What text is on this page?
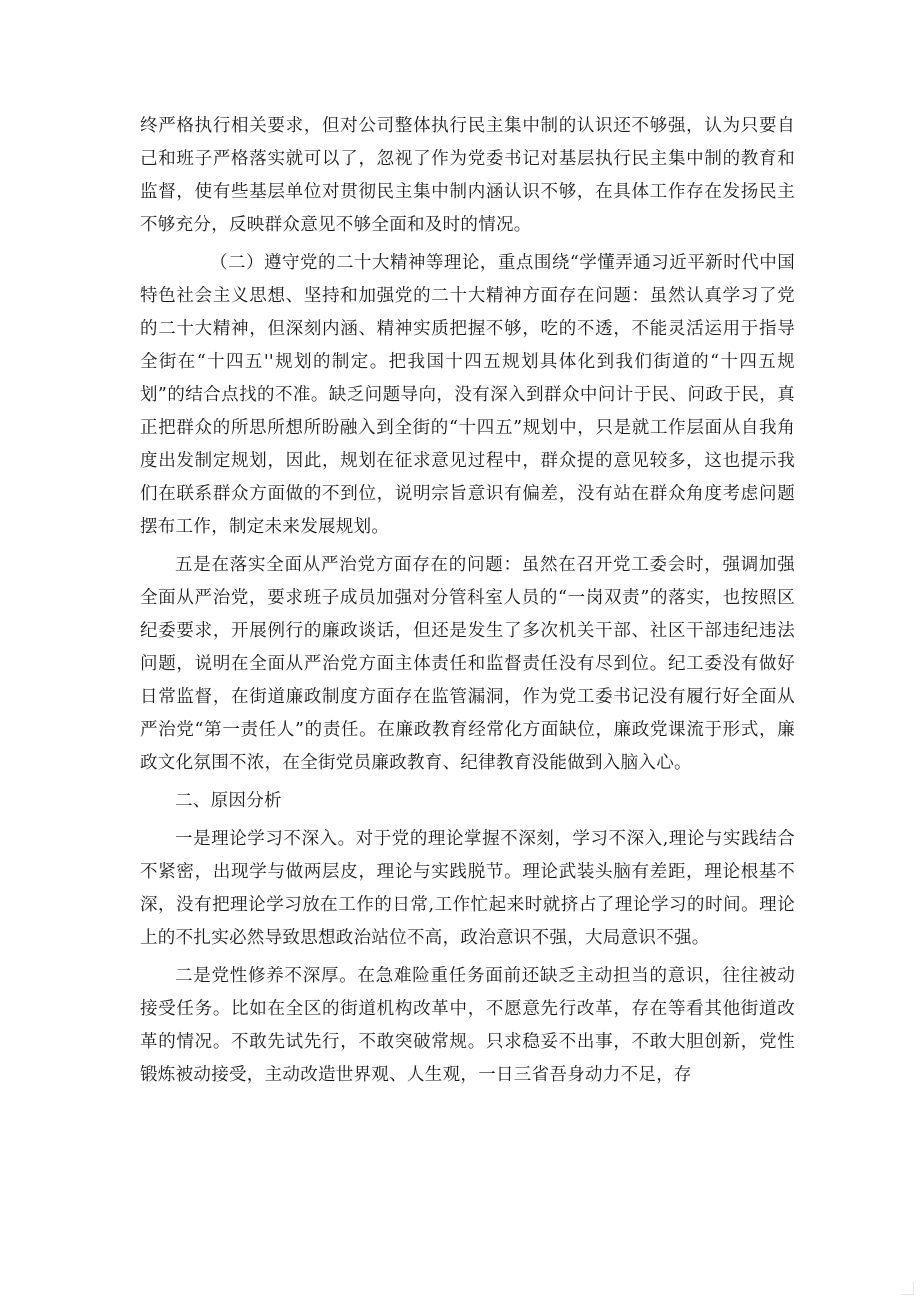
终严格执行相关要求，但对公司整体执行民主集中制的认识还不够强，认为只要自己和班子严格落实就可以了，忽视了作为党委书记对基层执行民主集中制的教育和监督，使有些基层单位对贯彻民主集中制内涵认识不够，在具体工作存在发扬民主不够充分，反映群众意见不够全面和及时的情况。

（二）遵守党的二十大精神等理论，重点围绕“学懂弄通习近平新时代中国特色社会主义思想、坚持和加强党的二十大精神方面存在问题：虽然认真学习了党的二十大精神，但深刻内涵、精神实质把握不够，吃的不透，不能灵活运用于指导全街在“十四五''规划的制定。把我国十四五规划具体化到我们街道的“十四五规划”的结合点找的不准。缺乏问题导向，没有深入到群众中问计于民、问政于民，真正把群众的所思所想所盼融入到全街的“十四五”规划中，只是就工作层面从自我角度出发制定规划，因此，规划在征求意见过程中，群众提的意见较多，这也提示我们在联系群众方面做的不到位，说明宗旨意识有偏差，没有站在群众角度考虑问题摆布工作，制定未来发展规划。

五是在落实全面从严治党方面存在的问题：虽然在召开党工委会时，强调加强全面从严治党，要求班子成员加强对分管科室人员的“一岗双责”的落实，也按照区纪委要求，开展例行的廉政谈话，但还是发生了多次机关干部、社区干部违纪违法问题，说明在全面从严治党方面主体责任和监督责任没有尽到位。纪工委没有做好日常监督，在街道廉政制度方面存在监管漏洞，作为党工委书记没有履行好全面从严治党“第一责任人”的责任。在廉政教育经常化方面缺位，廉政党课流于形式，廉政文化氛围不浓，在全街党员廉政教育、纪律教育没能做到入脑入心。

二、原因分析

一是理论学习不深入。对于党的理论掌握不深刻，学习不深入,理论与实践结合不紧密，出现学与做两层皮，理论与实践脱节。理论武装头脑有差距，理论根基不深，没有把理论学习放在工作的日常,工作忙起来时就挤占了理论学习的时间。理论上的不扎实必然导致思想政治站位不高，政治意识不强，大局意识不强。

二是党性修养不深厚。在急难险重任务面前还缺乏主动担当的意识，往往被动接受任务。比如在全区的街道机构改革中，不愿意先行改革，存在等看其他街道改革的情况。不敢先试先行，不敢突破常规。只求稳妥不出事，不敢大胆创新，党性锻炼被动接受，主动改造世界观、人生观，一日三省吾身动力不足，存
